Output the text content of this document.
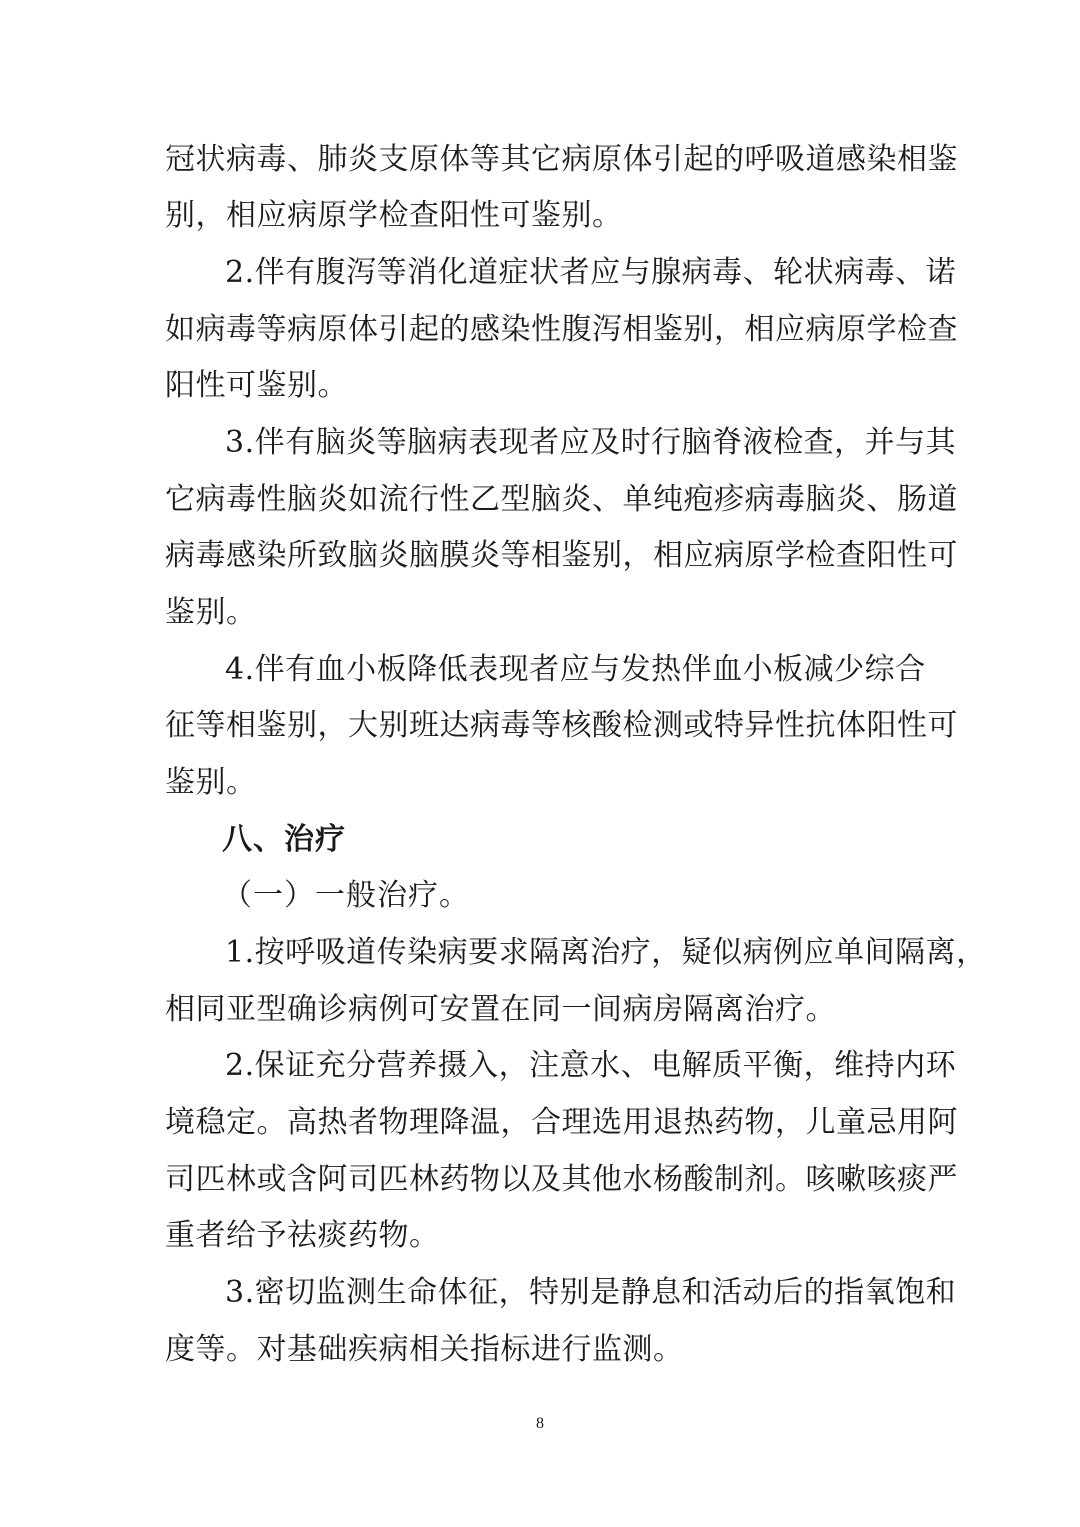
冠状病毒、肺炎支原体等其它病原体引起的呼吸道感染相鉴
别，相应病原学检查阳性可鉴别。
2.伴有腹泻等消化道症状者应与腺病毒、轮状病毒、诺
如病毒等病原体引起的感染性腹泻相鉴别，相应病原学检查
阳性可鉴别。
3.伴有脑炎等脑病表现者应及时行脑脊液检查，并与其
它病毒性脑炎如流行性乙型脑炎、单纯疱疹病毒脑炎、肠道
病毒感染所致脑炎脑膜炎等相鉴别，相应病原学检查阳性可
鉴别。
4.伴有血小板降低表现者应与发热伴血小板减少综合
征等相鉴别，大别班达病毒等核酸检测或特异性抗体阳性可
鉴别。
八、治疗
（一）一般治疗。
1.按呼吸道传染病要求隔离治疗，疑似病例应单间隔离，
相同亚型确诊病例可安置在同一间病房隔离治疗。
2.保证充分营养摄入，注意水、电解质平衡，维持内环
境稳定。高热者物理降温，合理选用退热药物，儿童忌用阿
司匹林或含阿司匹林药物以及其他水杨酸制剂。咳嗽咳痰严
重者给予祛痰药物。
3.密切监测生命体征，特别是静息和活动后的指氧饱和
度等。对基础疾病相关指标进行监测。
8
